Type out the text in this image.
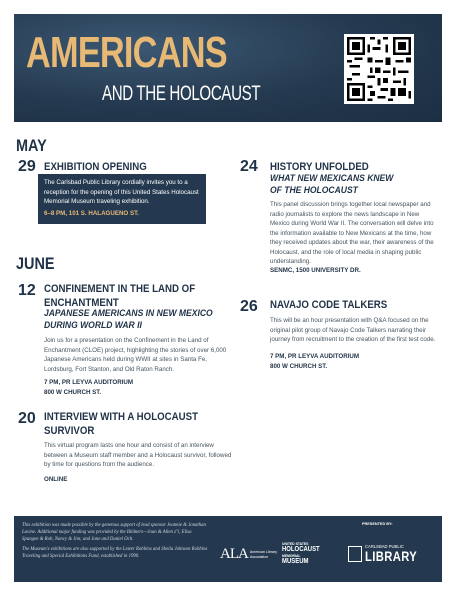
AMERICANS
AND THE HOLOCAUST
MAY
29 EXHIBITION OPENING
The Carlsbad Public Library cordially invites you to a reception for the opening of this United States Holocaust Memorial Museum traveling exhibition.
6–8 PM, 101 S. HALAGUENO ST.
24 HISTORY UNFOLDED
WHAT NEW MEXICANS KNEW OF THE HOLOCAUST
This panel discussion brings together local newspaper and radio journalists to explore the news landscape in New Mexico during World War II. The conversation will delve into the information available to New Mexicans at the time, how they received updates about the war, their awareness of the Holocaust, and the role of local media in shaping public understanding.
SENMC, 1500 UNIVERSITY DR.
JUNE
12 CONFINEMENT IN THE LAND OF ENCHANTMENT
JAPANESE AMERICANS IN NEW MEXICO DURING WORLD WAR II
Join us for a presentation on the Confinement in the Land of Enchantment (CLOE) project, highlighting the stories of over 6,000 Japanese Americans held during WWII at sites in Santa Fe, Lordsburg, Fort Stanton, and Old Raton Ranch.
7 PM, PR LEYVA AUDITORIUM
800 W CHURCH ST.
26 NAVAJO CODE TALKERS
This will be an hour presentation with Q&A focused on the original pilot group of Navajo Code Talkers narrating their journey from recruitment to the creation of the first test code.
7 PM, PR LEYVA AUDITORIUM
800 W CHURCH ST.
20 INTERVIEW WITH A HOLOCAUST SURVIVOR
This virtual program lasts one hour and consist of an interview between a Museum staff member and a Holocaust survivor, followed by time for questions from the audience.
ONLINE

This exhibition was made possible by the generous support of lead sponsor Jeannie & Jonathan Lavine. Additional major funding was provided by the Bildners—Joan & Allen z"l, Elisa Spungen & Rob, Nancy & Jim; and Jane and Daniel Och.

The Museum's exhibitions are also supported by the Lester Robbins and Sheila Johnson Robbins Traveling and Special Exhibitions Fund, established in 1990.

PRESENTED BY:
ALA American Library Association
UNITED STATES
HOLOCAUST
MEMORIAL
MUSEUM
CARLSBAD PUBLIC
LIBRARY
